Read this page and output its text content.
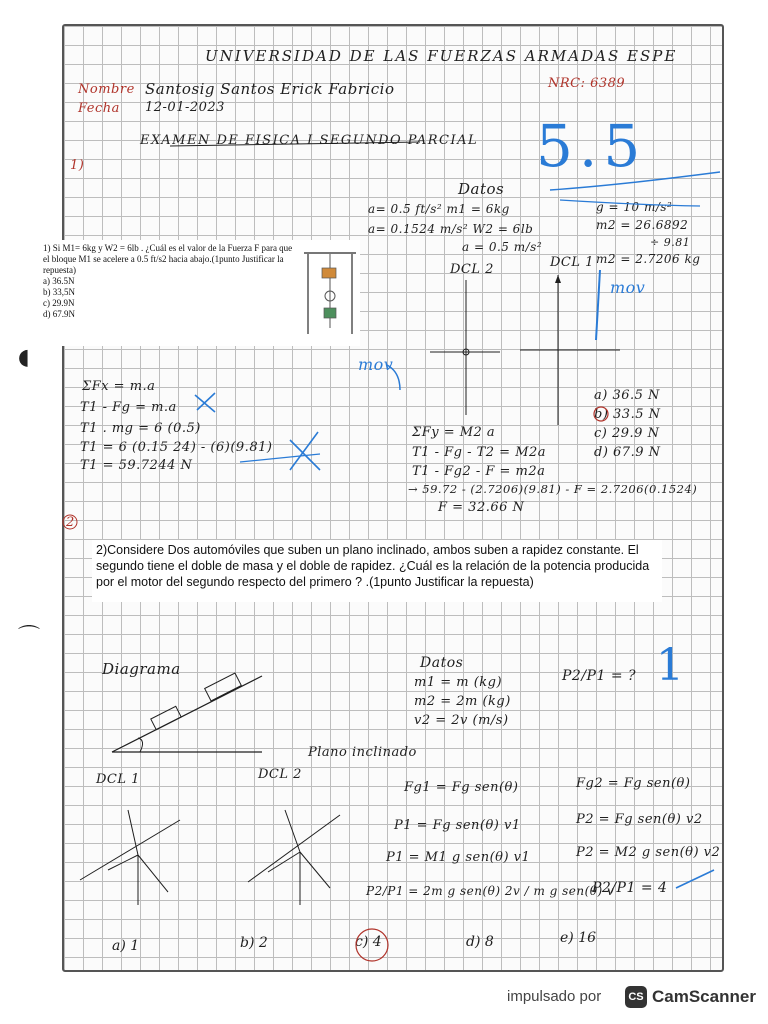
◖
⌒
UNIVERSIDAD DE LAS FUERZAS ARMADAS ESPE
Nombre Santosig Santos Erick Fabricio
Fecha 12-01-2023
NRC: 6389
EXAMEN DE FISICA I SEGUNDO PARCIAL 5.5
1)
Datos
a= 0.5 ft/s² m1 = 6kg
a= 0.1524 m/s² W2 = 6lb
a = 0.5 m/s²
g = 10 m/s²
m2 = 26.6892
÷ 9.81
m2 = 2.7206 kg
1) Si M1= 6kg y W2 = 6lb . ¿Cuál es el valor de la Fuerza F para que el bloque M1 se acelere a 0.5 ft/s2 hacia abajo.(1punto Justificar la repuesta)
a) 36.5N
b) 33,5N
c) 29.9N
d) 67.9N
DCL 2	DCL 1
mov
mov
ΣFx = m.a
T1 - Fg = m.a
T1 . mg = 6 (0.5)
T1 = 6 (0.15 24) - (6)(9.81)
T1 = 59.7244 N
ΣFy = M2 a
T1 - Fg - T2 = M2a
T1 - Fg2 - F = m2a
→ 59.72 - (2.7206)(9.81) - F = 2.7206(0.1524)
F = 32.66 N
a) 36.5 N
b) 33.5 N
c) 29.9 N
d) 67.9 N
2
2)Considere Dos automóviles que suben un plano inclinado, ambos suben a rapidez constante. El segundo tiene el doble de masa y el doble de rapidez. ¿Cuál es la relación de la potencia producida por el motor del segundo respecto del primero ? .(1punto Justificar la repuesta)
Diagrama	Datos
m1 = m (kg)
m2 = 2m (kg)
v2 = 2v (m/s)
P2/P1 = ? 1
Plano inclinado
DCL 1	DCL 2
Fg1 = Fg sen(θ)
P1 = Fg sen(θ) v1
P1 = M1 g sen(θ) v1
P2/P1 = 2m g sen(θ) 2v / m g sen(θ) v
Fg2 = Fg sen(θ)
P2 = Fg sen(θ) v2
P2 = M2 g sen(θ) v2
P2/P1 = 4
a) 1	b) 2	c) 4	d) 8	e) 16
impulsado por	CS CamScanner
